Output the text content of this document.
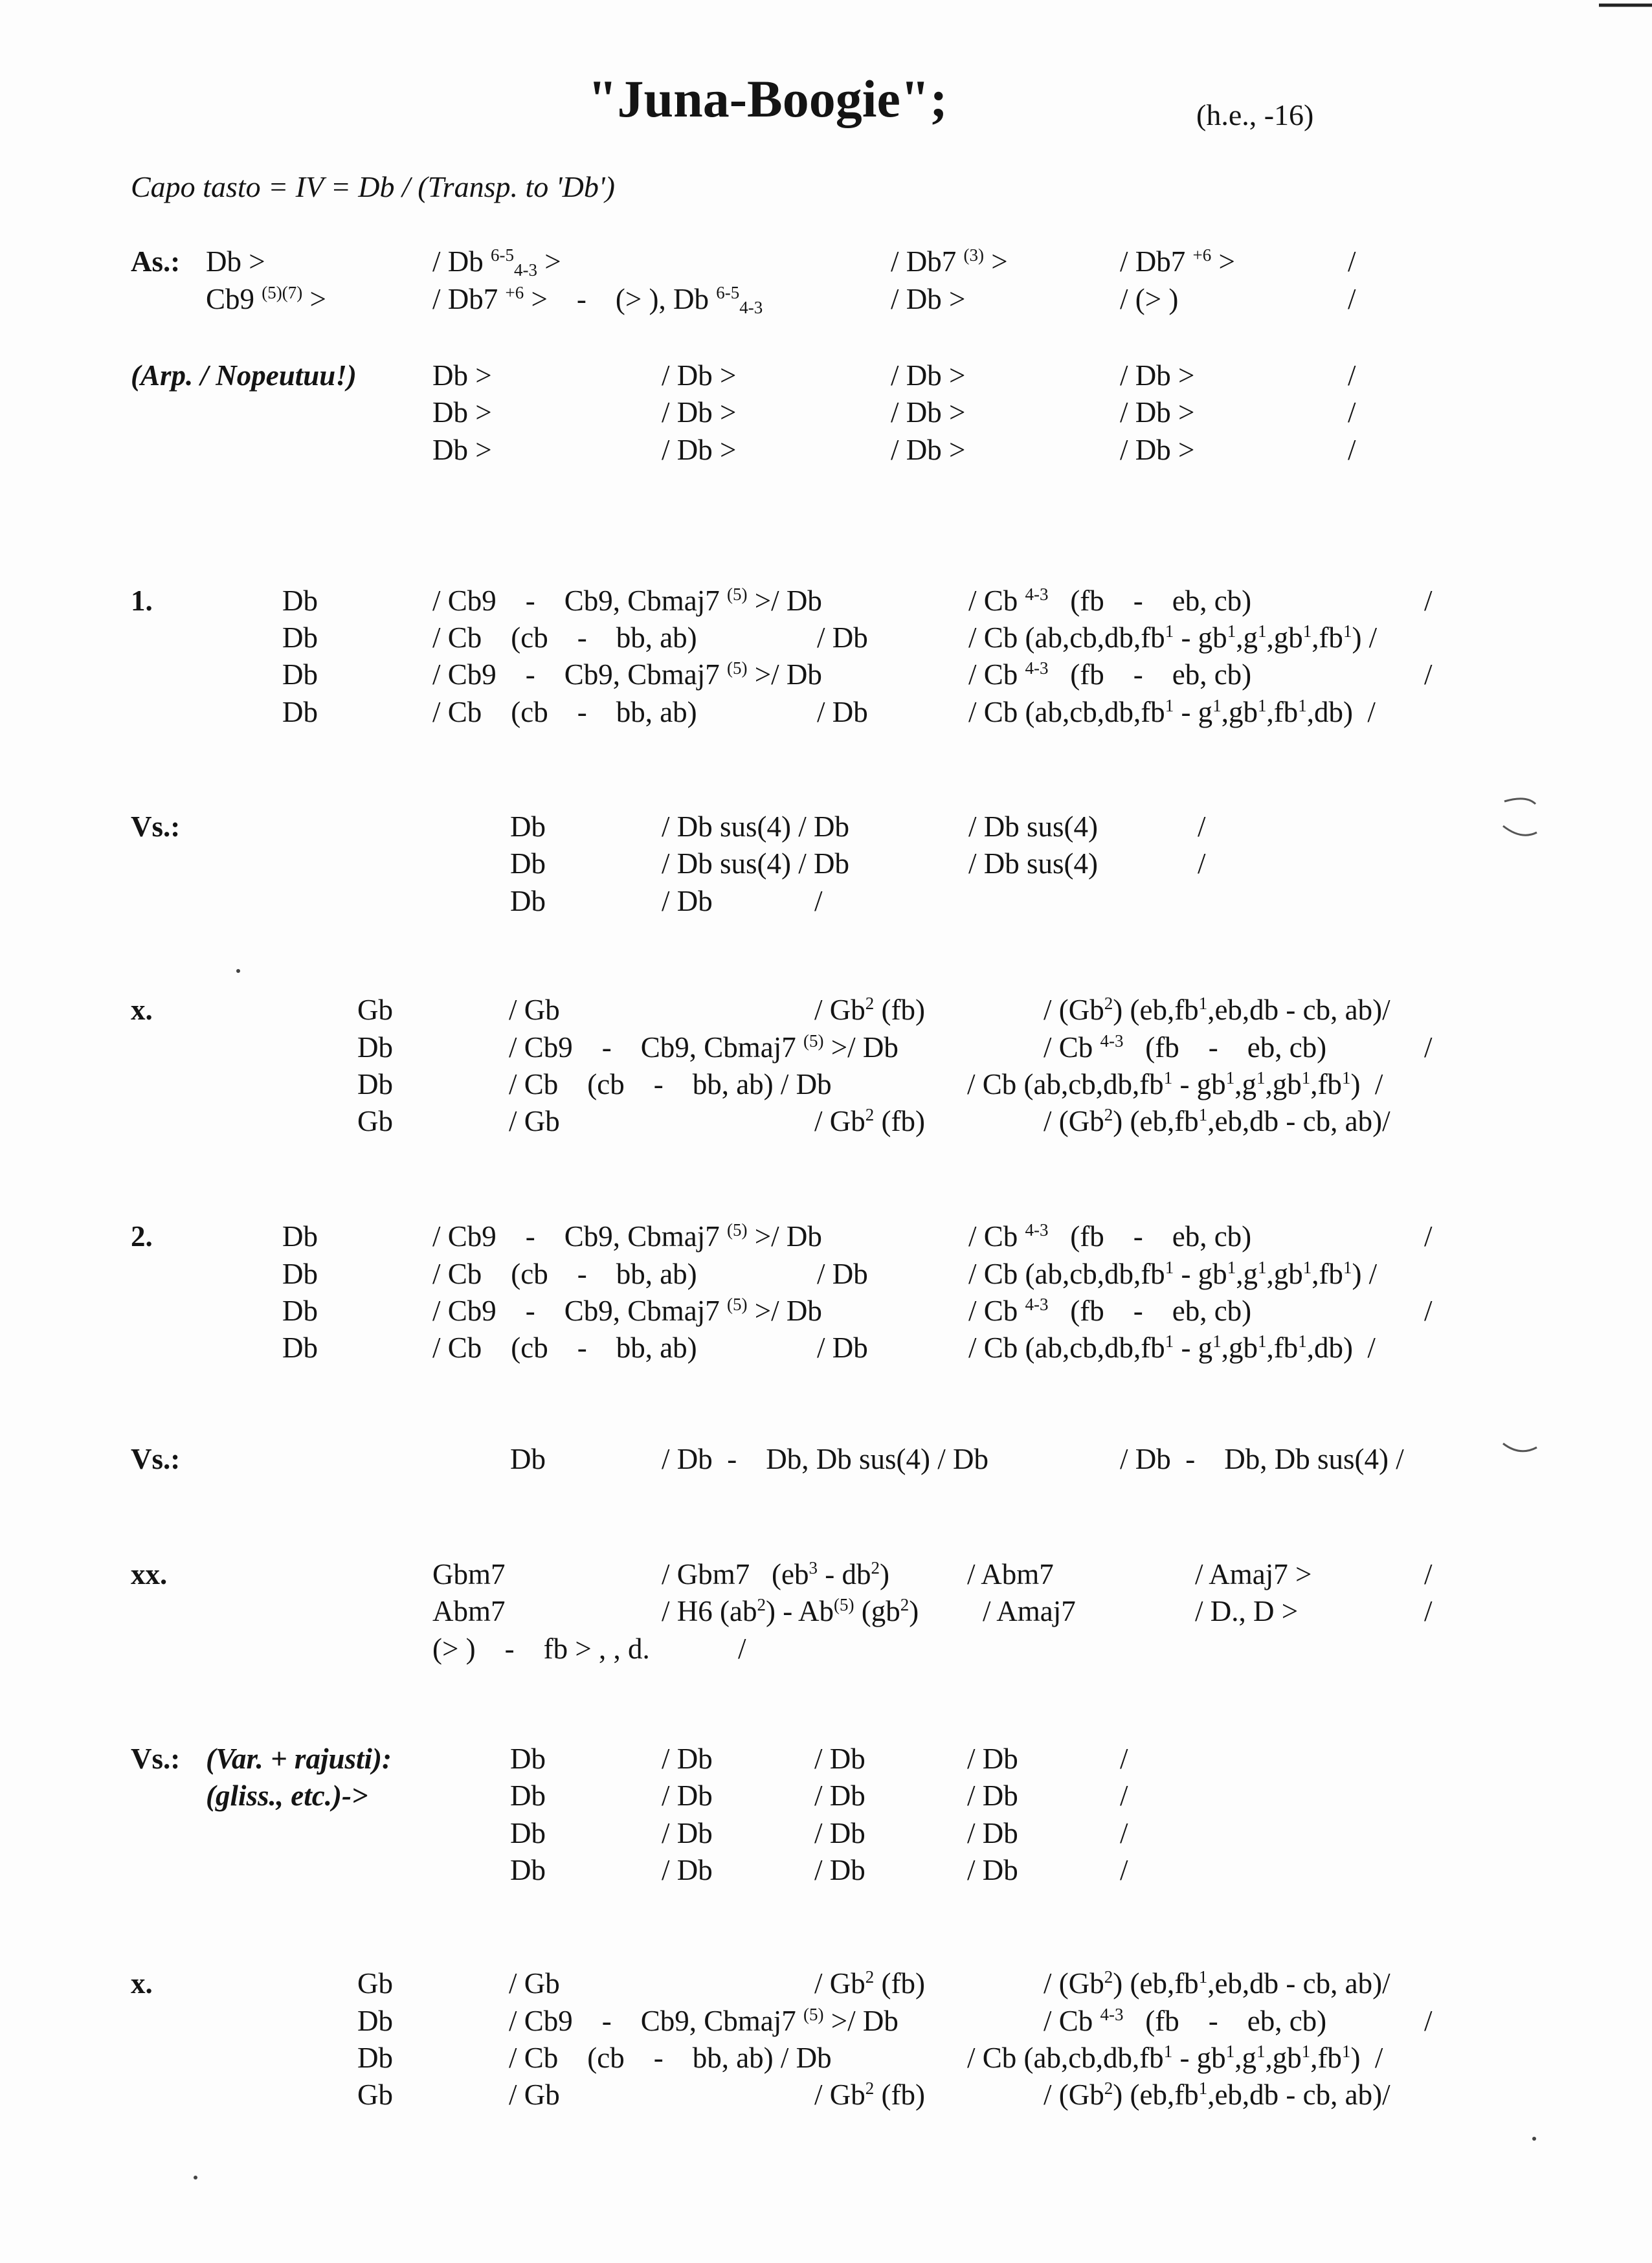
"Juna-Boogie";	(h.e., -16)
Capo tasto = IV = Db / (Transp. to 'Db')
As.: Db >	/ Db $^{6-5}_{4-3}$ >	/ Db7 $^{(3)}$ >	/ Db7 $^{+6}$ >	/
Cb9 $^{(5)(7)}$ >	/ Db7 $^{+6}$ >    -    (> ), Db $^{6-5}_{4-3}$	/ Db >	/ (> )	/
(Arp. / Nopeutuu!)	Db >	/ Db >	/ Db >	/ Db >	/
Db >	/ Db >	/ Db >	/ Db >	/
Db >	/ Db >	/ Db >	/ Db >	/
1.	Db	/ Cb9    -    Cb9, Cbmaj7 $^{(5)}$ >/ Db	/ Cb $^{4-3}$   (fb    -    eb, cb)	/
Db	/ Cb    (cb    -    bb, ab)	/ Db	/ Cb $(ab,cb,db,fb^1 - gb^1,g^1,gb^1,fb^1)$ /
Db	/ Cb9    -    Cb9, Cbmaj7 $^{(5)}$ >/ Db	/ Cb $^{4-3}$   (fb    -    eb, cb)	/
Db	/ Cb    (cb    -    bb, ab)	/ Db	/ Cb $(ab,cb,db,fb^1 - g^1,gb^1,fb^1,db)$  /
Vs.:	Db	/ Db sus(4) / Db	/ Db sus(4)	/
Db	/ Db sus(4) / Db	/ Db sus(4)	/
Db	/ Db	/
x.	Gb	/ Gb	/ Gb$^2$ (fb)	/ (Gb$^2$) ($eb,fb^1,eb,db$ - cb, ab)/
Db	/ Cb9    -    Cb9, Cbmaj7 $^{(5)}$ >/ Db	/ Cb $^{4-3}$   (fb    -    eb, cb)	/
Db	/ Cb    (cb    -    bb, ab) / Db	/ Cb $(ab,cb,db,fb^1 - gb^1,g^1,gb^1,fb^1)$  /
Gb	/ Gb	/ Gb$^2$ (fb)	/ (Gb$^2$) ($eb,fb^1,eb,db$ - cb, ab)/
2.	Db	/ Cb9    -    Cb9, Cbmaj7 $^{(5)}$ >/ Db	/ Cb $^{4-3}$   (fb    -    eb, cb)	/
Db	/ Cb    (cb    -    bb, ab)	/ Db	/ Cb $(ab,cb,db,fb^1 - gb^1,g^1,gb^1,fb^1)$ /
Db	/ Cb9    -    Cb9, Cbmaj7 $^{(5)}$ >/ Db	/ Cb $^{4-3}$   (fb    -    eb, cb)	/
Db	/ Cb    (cb    -    bb, ab)	/ Db	/ Cb $(ab,cb,db,fb^1 - g^1,gb^1,fb^1,db)$  /
Vs.:	Db	/ Db  -    Db, Db sus(4) / Db	/ Db  -    Db, Db sus(4) /
xx.	Gbm7	/ Gbm7   $(eb^3 - db^2)$	/ Abm7	/ Amaj7 >	/
Abm7	/ H6 $(ab^2) - Ab^{(5)}$ $(gb^2)$ / Amaj7	/ D., D >	/
(> )    -    fb > , , d.	/
Vs.: (Var. + rajusti):
(gliss., etc.)->
Db	/ Db	/ Db	/ Db	/
Db	/ Db	/ Db	/ Db	/
Db	/ Db	/ Db	/ Db	/
Db	/ Db	/ Db	/ Db	/
x.	Gb	/ Gb	/ Gb$^2$ (fb)	/ (Gb$^2$) ($eb,fb^1,eb,db$ - cb, ab)/
Db	/ Cb9    -    Cb9, Cbmaj7 $^{(5)}$ >/ Db	/ Cb $^{4-3}$   (fb    -    eb, cb)	/
Db	/ Cb    (cb    -    bb, ab) / Db	/ Cb $(ab,cb,db,fb^1 - gb^1,g^1,gb^1,fb^1)$  /
Gb	/ Gb	/ Gb$^2$ (fb)	/ (Gb$^2$) ($eb,fb^1,eb,db$ - cb, ab)/
